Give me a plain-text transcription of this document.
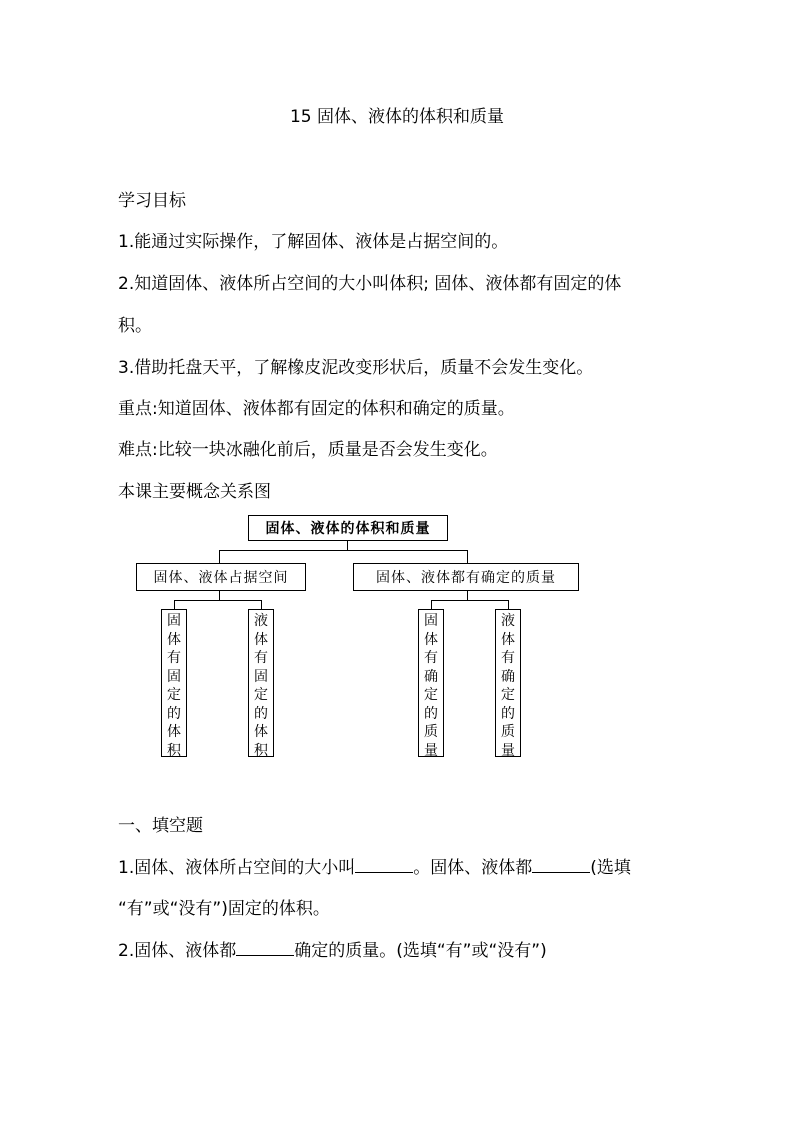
15 固体、液体的体积和质量
学习目标
1.能通过实际操作，了解固体、液体是占据空间的。
2.知道固体、液体所占空间的大小叫体积; 固体、液体都有固定的体
积。
3.借助托盘天平，了解橡皮泥改变形状后，质量不会发生变化。
重点:知道固体、液体都有固定的体积和确定的质量。
难点:比较一块冰融化前后，质量是否会发生变化。
本课主要概念关系图
固体、液体的体积和质量
固体、液体占据空间	固体、液体都有确定的质量
固体有固定的体积
液体有固定的体积
固体有确定的质量
液体有确定的质量
一、填空题
1.固体、液体所占空间的大小叫	。固体、液体都	(选填
“有”或“没有”)固定的体积。
2.固体、液体都	确定的质量。(选填“有”或“没有”)
